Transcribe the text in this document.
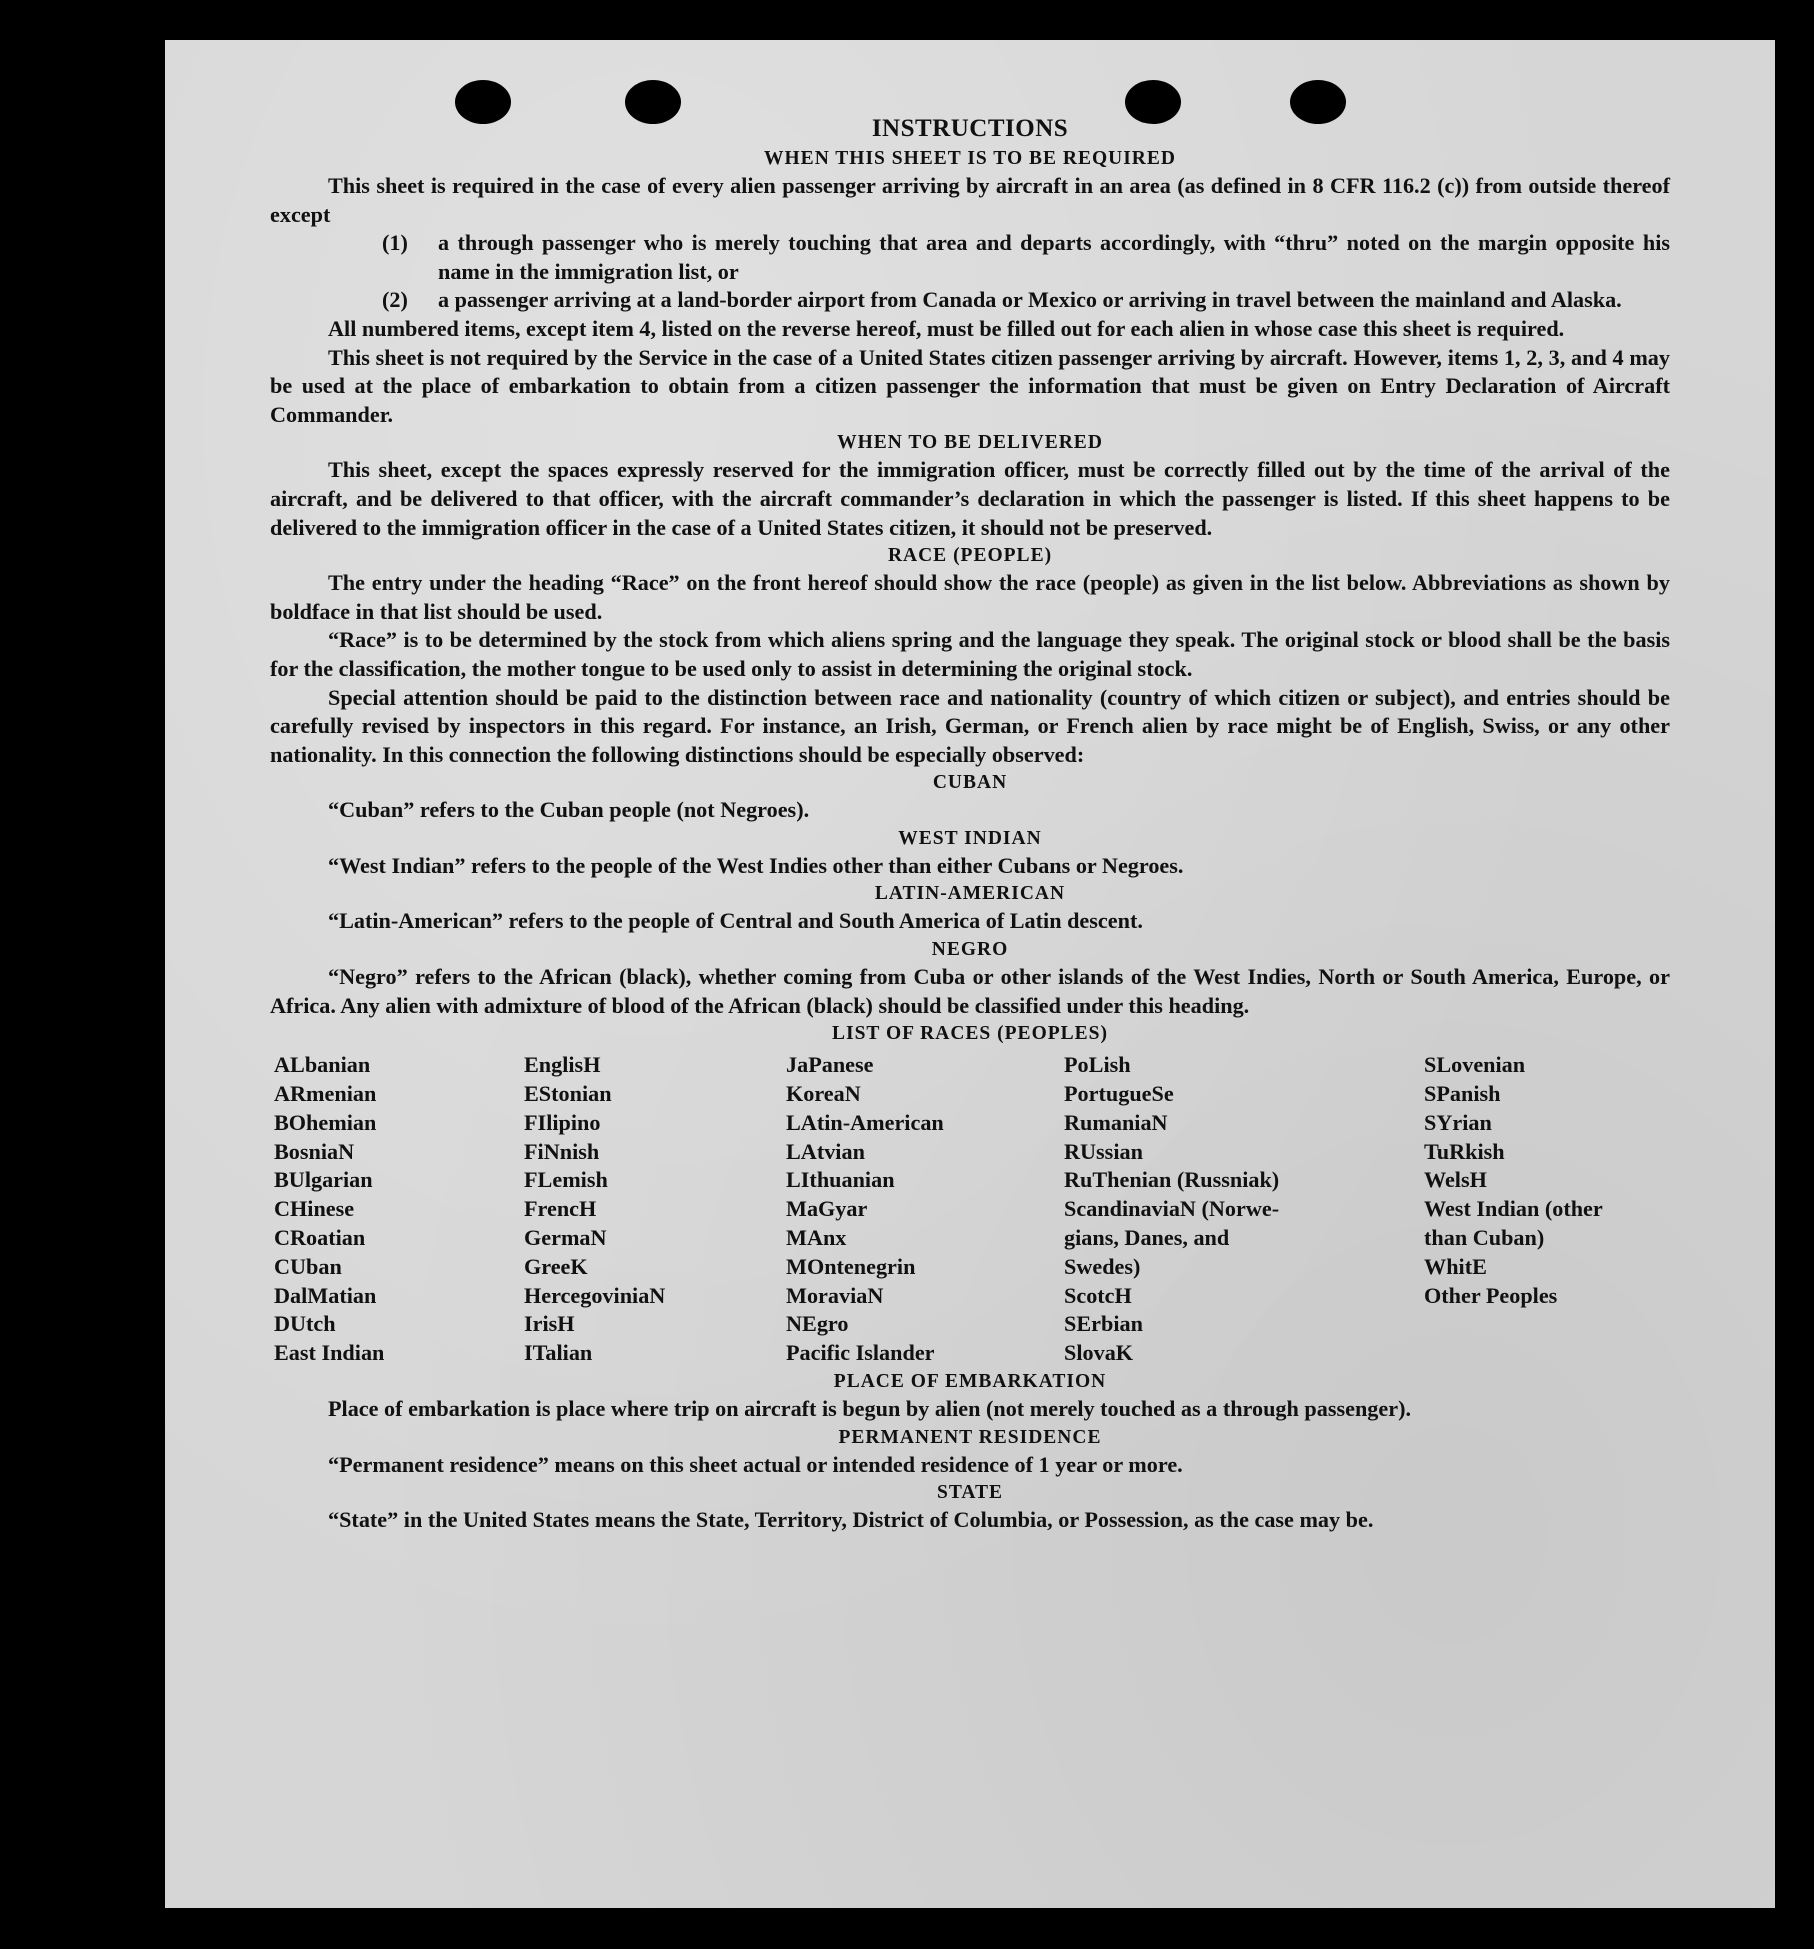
INSTRUCTIONS
WHEN THIS SHEET IS TO BE REQUIRED

This sheet is required in the case of every alien passenger arriving by aircraft in an area (as defined in 8 CFR 116.2 (c)) from outside thereof except

(1)	a through passenger who is merely touching that area and departs accordingly, with “thru” noted on the margin opposite his name in the immigration list, or
(2)	a passenger arriving at a land-border airport from Canada or Mexico or arriving in travel between the mainland and Alaska.

All numbered items, except item 4, listed on the reverse hereof, must be filled out for each alien in whose case this sheet is required.

This sheet is not required by the Service in the case of a United States citizen passenger arriving by aircraft. However, items 1, 2, 3, and 4 may be used at the place of embarkation to obtain from a citizen passenger the information that must be given on Entry Declaration of Aircraft Commander.

WHEN TO BE DELIVERED

This sheet, except the spaces expressly reserved for the immigration officer, must be correctly filled out by the time of the arrival of the aircraft, and be delivered to that officer, with the aircraft commander’s declaration in which the passenger is listed. If this sheet happens to be delivered to the immigration officer in the case of a United States citizen, it should not be preserved.

RACE (PEOPLE)

The entry under the heading “Race” on the front hereof should show the race (people) as given in the list below. Abbreviations as shown by boldface in that list should be used.

“Race” is to be determined by the stock from which aliens spring and the language they speak. The original stock or blood shall be the basis for the classification, the mother tongue to be used only to assist in determining the original stock.

Special attention should be paid to the distinction between race and nationality (country of which citizen or subject), and entries should be carefully revised by inspectors in this regard. For instance, an Irish, German, or French alien by race might be of English, Swiss, or any other nationality. In this connection the following distinctions should be especially observed:

CUBAN

“Cuban” refers to the Cuban people (not Negroes).

WEST INDIAN

“West Indian” refers to the people of the West Indies other than either Cubans or Negroes.

LATIN-AMERICAN

“Latin-American” refers to the people of Central and South America of Latin descent.

NEGRO

“Negro” refers to the African (black), whether coming from Cuba or other islands of the West Indies, North or South America, Europe, or Africa. Any alien with admixture of blood of the African (black) should be classified under this heading.

LIST OF RACES (PEOPLES)
ALbanian	EnglisH	JaPanese	PoLish	SLovenian
ARmenian	EStonian	KoreaN	PortugueSe	SPanish
BOhemian	FIlipino	LAtin-American	RumaniaN	SYrian
BosniaN	FiNnish	LAtvian	RUssian	TuRkish
BUlgarian	FLemish	LIthuanian	RuThenian (Russniak)	WelsH
CHinese	FrencH	MaGyar	ScandinaviaN (Norwe-	West Indian (other
CRoatian	GermaN	MAnx	gians, Danes, and	than Cuban)
CUban	GreeK	MOntenegrin	Swedes)	WhitE
DalMatian	HercegoviniaN	MoraviaN	ScotcH	Other Peoples
DUtch	IrisH	NEgro	SErbian
East Indian	ITalian	Pacific Islander	SlovaK
PLACE OF EMBARKATION

Place of embarkation is place where trip on aircraft is begun by alien (not merely touched as a through passenger).

PERMANENT RESIDENCE

“Permanent residence” means on this sheet actual or intended residence of 1 year or more.

STATE

“State” in the United States means the State, Territory, District of Columbia, or Possession, as the case may be.
